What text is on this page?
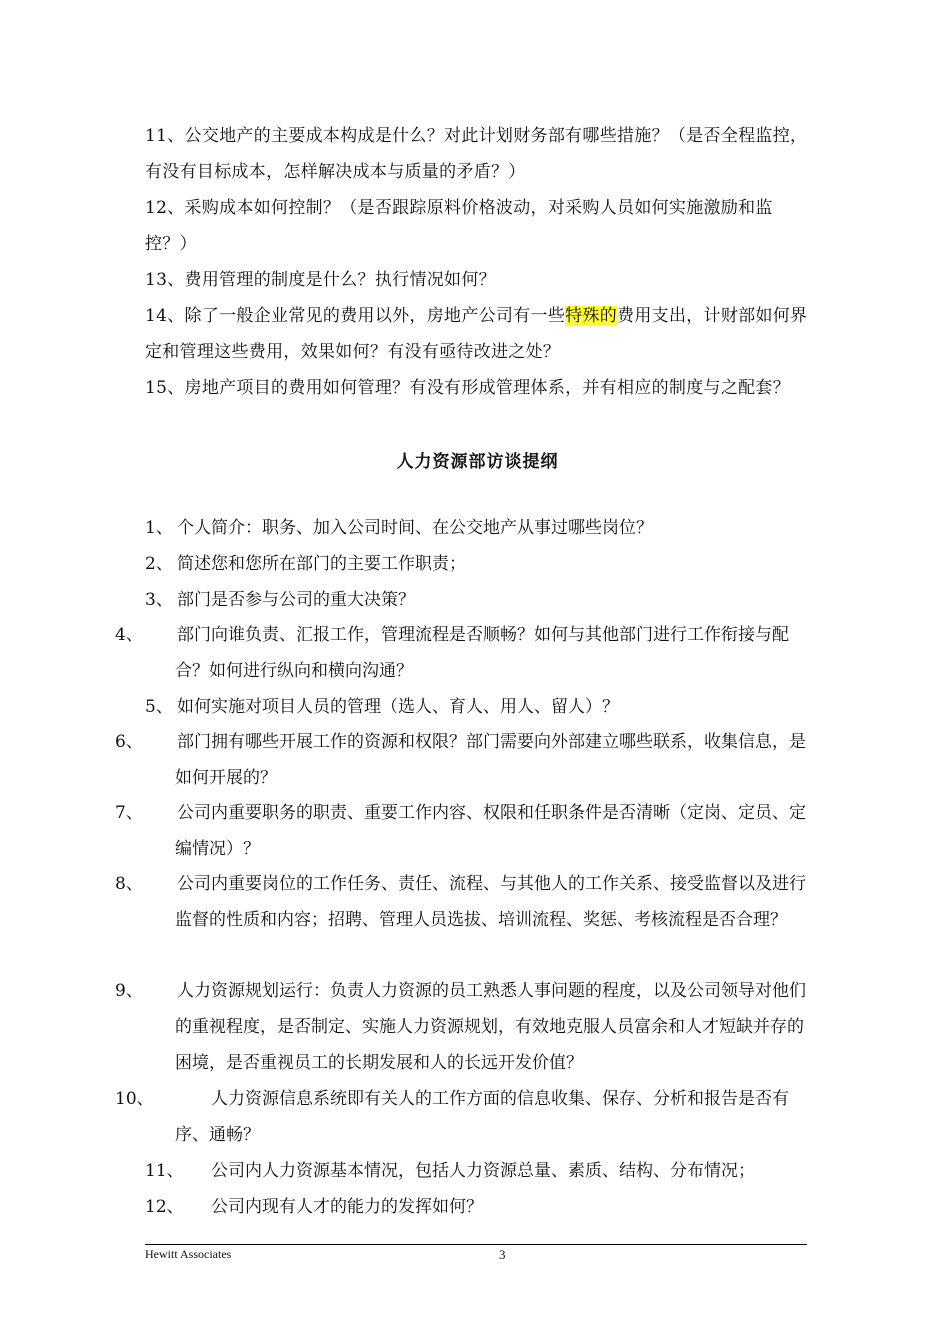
11、公交地产的主要成本构成是什么？对此计划财务部有哪些措施？（是否全程监控，有没有目标成本，怎样解决成本与质量的矛盾？）

12、采购成本如何控制？（是否跟踪原料价格波动，对采购人员如何实施激励和监控？）

13、费用管理的制度是什么？执行情况如何？

14、除了一般企业常见的费用以外，房地产公司有一些特殊的费用支出，计财部如何界定和管理这些费用，效果如何？有没有亟待改进之处？

15、房地产项目的费用如何管理？有没有形成管理体系，并有相应的制度与之配套？

人力资源部访谈提纲

1、 个人简介：职务、加入公司时间、在公交地产从事过哪些岗位？

2、 简述您和您所在部门的主要工作职责；

3、 部门是否参与公司的重大决策？

4、 部门向谁负责、汇报工作，管理流程是否顺畅？如何与其他部门进行工作衔接与配合？如何进行纵向和横向沟通？

5、 如何实施对项目人员的管理（选人、育人、用人、留人）？

6、 部门拥有哪些开展工作的资源和权限？部门需要向外部建立哪些联系，收集信息，是如何开展的？

7、 公司内重要职务的职责、重要工作内容、权限和任职条件是否清晰（定岗、定员、定编情况）？

8、 公司内重要岗位的工作任务、责任、流程、与其他人的工作关系、接受监督以及进行监督的性质和内容；招聘、管理人员选拔、培训流程、奖惩、考核流程是否合理？

9、 人力资源规划运行：负责人力资源的员工熟悉人事问题的程度，以及公司领导对他们的重视程度，是否制定、实施人力资源规划，有效地克服人员富余和人才短缺并存的困境，是否重视员工的长期发展和人的长远开发价值？

10、	人力资源信息系统即有关人的工作方面的信息收集、保存、分析和报告是否有序、通畅？

11、 公司内人力资源基本情况，包括人力资源总量、素质、结构、分布情况；

12、 公司内现有人才的能力的发挥如何？

Hewitt Associates	3
